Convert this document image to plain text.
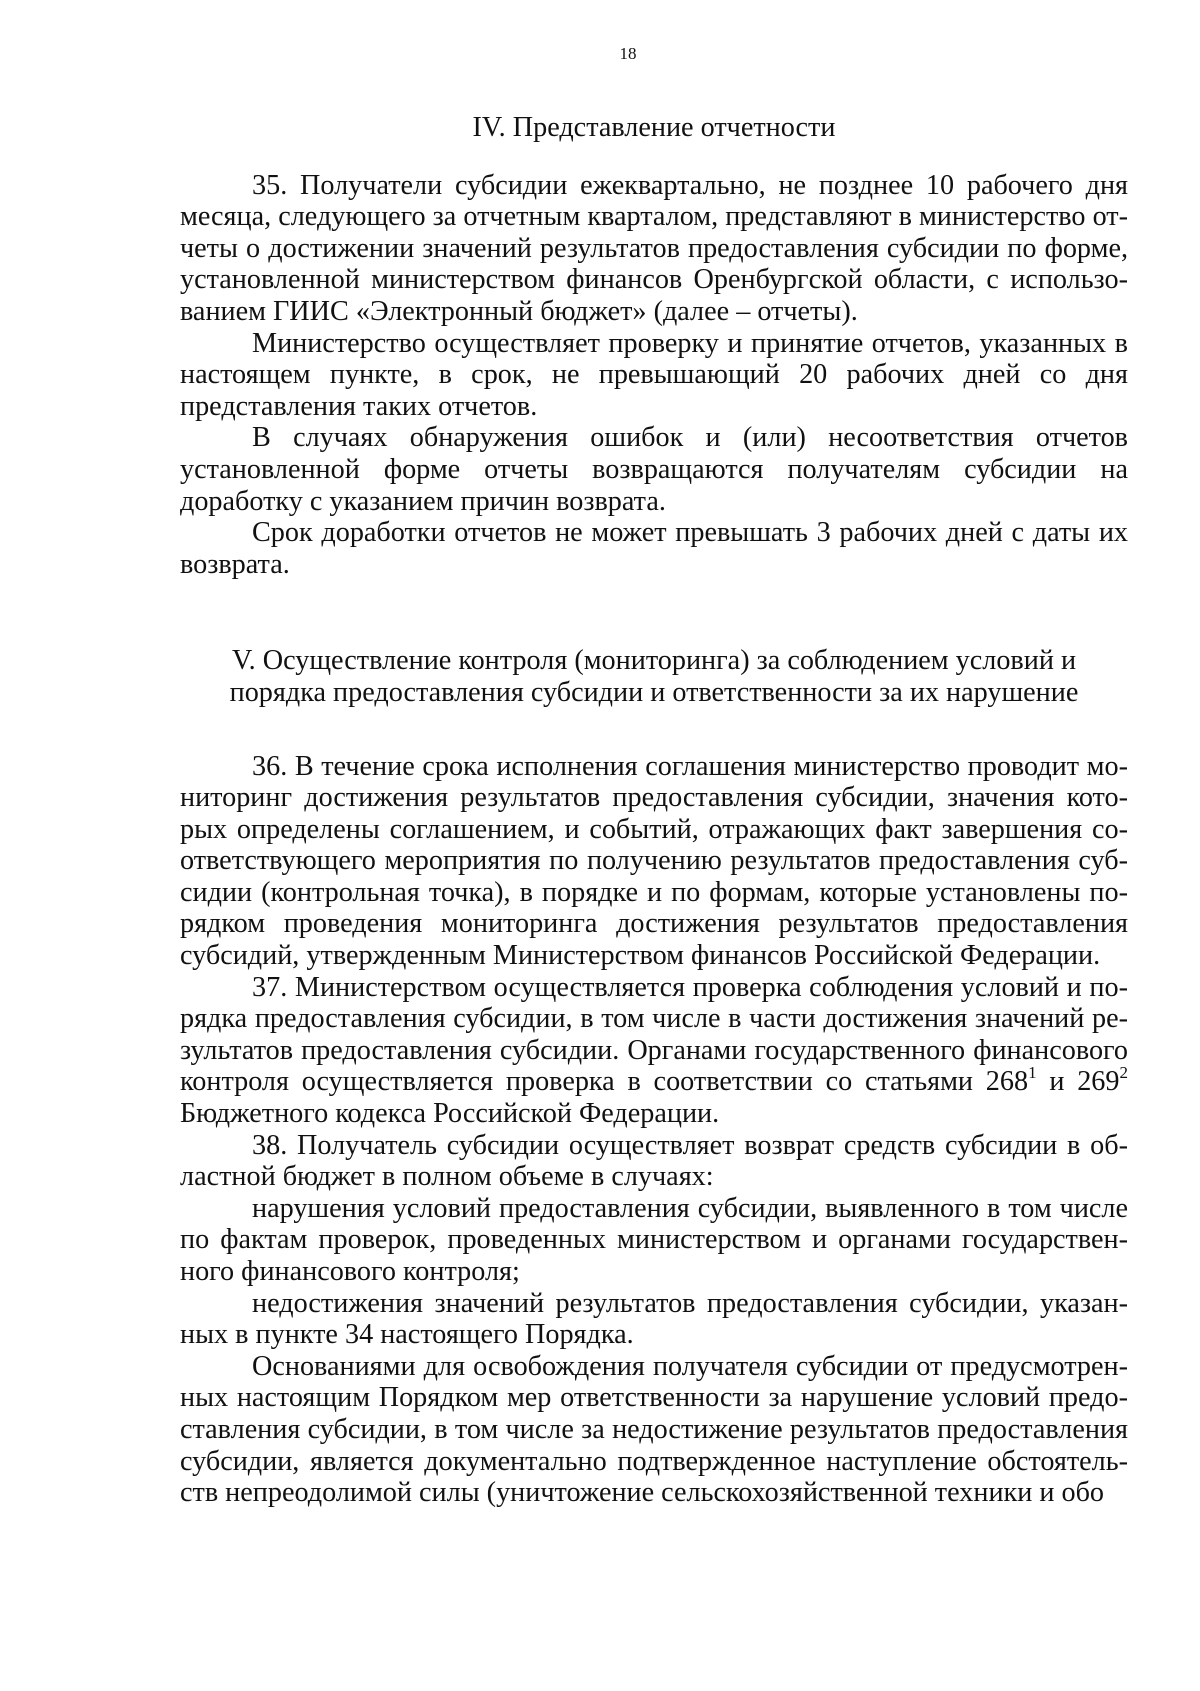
18
IV. Представление отчетности

35. Получатели субсидии ежеквартально, не позднее 10 рабочего дня месяца, следующего за отчетным кварталом, представляют в министерство отчеты о достижении значений результатов предоставления субсидии по форме, установленной министерством финансов Оренбургской области, с использованием ГИИС «Электронный бюджет» (далее – отчеты).

Министерство осуществляет проверку и принятие отчетов, указанных в настоящем пункте, в срок, не превышающий 20 рабочих дней со дня представления таких отчетов.

В случаях обнаружения ошибок и (или) несоответствия отчетов установленной форме отчеты возвращаются получателям субсидии на доработку с указанием причин возврата.

Срок доработки отчетов не может превышать 3 рабочих дней с даты их возврата.

V. Осуществление контроля (мониторинга) за соблюдением условий и
порядка предоставления субсидии и ответственности за их нарушение

36. В течение срока исполнения соглашения министерство проводит мониторинг достижения результатов предоставления субсидии, значения которых определены соглашением, и событий, отражающих факт завершения соответствующего мероприятия по получению результатов предоставления субсидии (контрольная точка), в порядке и по формам, которые установлены порядком проведения мониторинга достижения результатов предоставления субсидий, утвержденным Министерством финансов Российской Федерации.

37. Министерством осуществляется проверка соблюдения условий и порядка предоставления субсидии, в том числе в части достижения значений результатов предоставления субсидии. Органами государственного финансового контроля осуществляется проверка в соответствии со статьями $268^1$ и $269^2$ Бюджетного кодекса Российской Федерации.

38. Получатель субсидии осуществляет возврат средств субсидии в областной бюджет в полном объеме в случаях:

нарушения условий предоставления субсидии, выявленного в том числе по фактам проверок, проведенных министерством и органами государственного финансового контроля;

недостижения значений результатов предоставления субсидии, указанных в пункте 34 настоящего Порядка.

Основаниями для освобождения получателя субсидии от предусмотренных настоящим Порядком мер ответственности за нарушение условий предоставления субсидии, в том числе за недостижение результатов предоставления субсидии, является документально подтвержденное наступление обстоятельств непреодолимой силы (уничтожение сельскохозяйственной техники и обо
